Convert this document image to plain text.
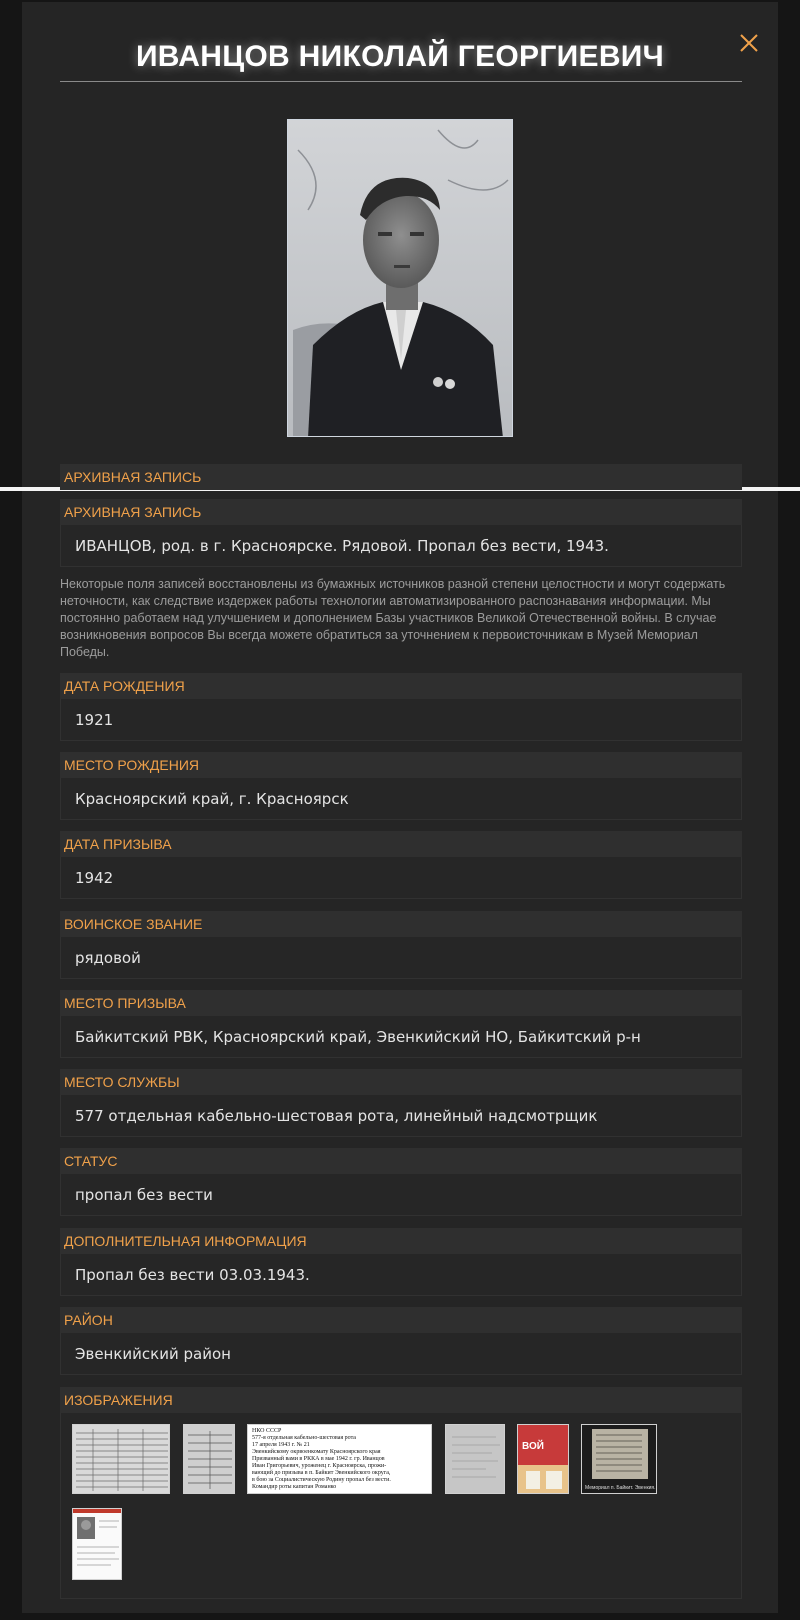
ИВАНЦОВ НИКОЛАЙ ГЕОРГИЕВИЧ
АРХИВНАЯ ЗАПИСЬ
АРХИВНАЯ ЗАПИСЬ
ИВАНЦОВ, род. в г. Красноярске. Рядовой. Пропал без вести, 1943.
Некоторые поля записей восстановлены из бумажных источников разной степени целостности и могут содержать неточности, как следствие издержек работы технологии автоматизированного распознавания информации. Мы постоянно работаем над улучшением и дополнением Базы участников Великой Отечественной войны. В случае возникновения вопросов Вы всегда можете обратиться за уточнением к первоисточникам в Музей Мемориал Победы.
ДАТА РОЖДЕНИЯ
1921
МЕСТО РОЖДЕНИЯ
Красноярский край, г. Красноярск
ДАТА ПРИЗЫВА
1942
ВОИНСКОЕ ЗВАНИЕ
рядовой
МЕСТО ПРИЗЫВА
Байкитский РВК, Красноярский край, Эвенкийский НО, Байкитский р-н
МЕСТО СЛУЖБЫ
577 отдельная кабельно-шестовая рота, линейный надсмотрщик
СТАТУС
пропал без вести
ДОПОЛНИТЕЛЬНАЯ ИНФОРМАЦИЯ
Пропал без вести 03.03.1943.
РАЙОН
Эвенкийский район
ИЗОБРАЖЕНИЯ
НКО СССР
577-я отдельная кабельно-шестовая рота
17 апреля 1943 г. № 21
Эвенкийскому окрвоенкомату Красноярского края
Призванный вами в РККА в мае 1942 г. гр. Иванцов
Иван Григорьевич, уроженец г. Красноярска, прожи-
вающий до призыва в п. Байкит Эвенкийского округа,
в бою за Социалистическую Родину пропал без вести.
Командир роты капитан Романко
ВОЙ
Мемориал п. Байкит. Эвенкия.
